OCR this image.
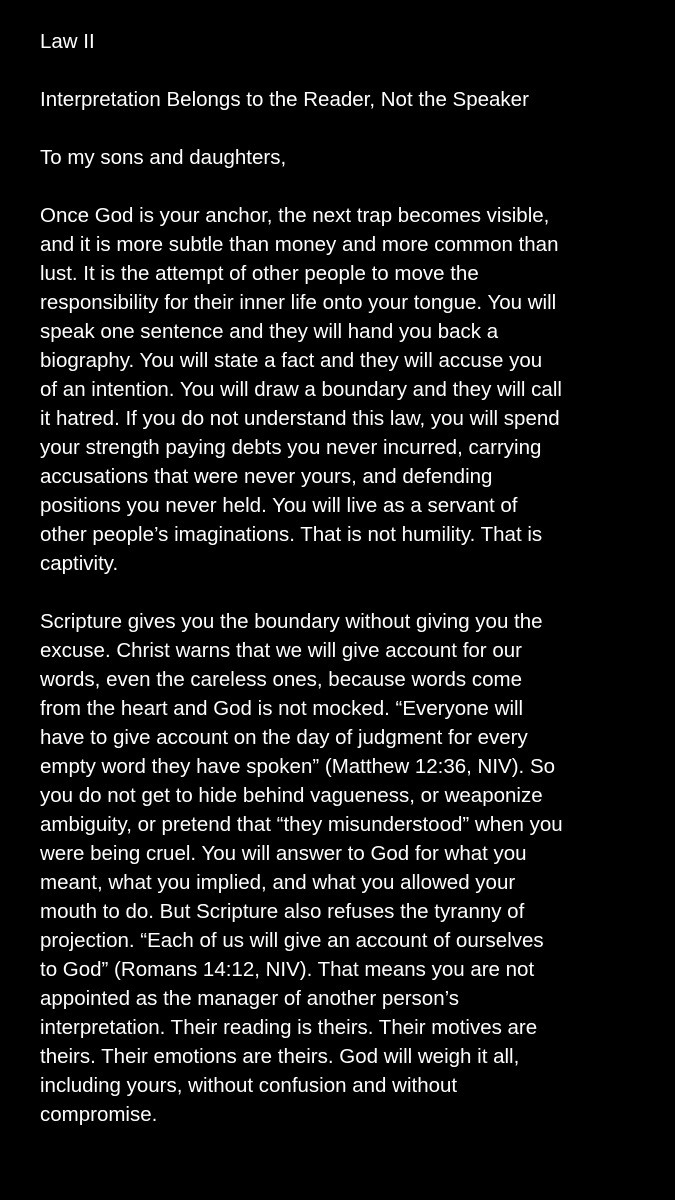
Law II

Interpretation Belongs to the Reader, Not the Speaker

To my sons and daughters,

Once God is your anchor, the next trap becomes visible,
and it is more subtle than money and more common than
lust. It is the attempt of other people to move the
responsibility for their inner life onto your tongue. You will
speak one sentence and they will hand you back a
biography. You will state a fact and they will accuse you
of an intention. You will draw a boundary and they will call
it hatred. If you do not understand this law, you will spend
your strength paying debts you never incurred, carrying
accusations that were never yours, and defending
positions you never held. You will live as a servant of
other people’s imaginations. That is not humility. That is
captivity.

Scripture gives you the boundary without giving you the
excuse. Christ warns that we will give account for our
words, even the careless ones, because words come
from the heart and God is not mocked. “Everyone will
have to give account on the day of judgment for every
empty word they have spoken” (Matthew 12:36, NIV). So
you do not get to hide behind vagueness, or weaponize
ambiguity, or pretend that “they misunderstood” when you
were being cruel. You will answer to God for what you
meant, what you implied, and what you allowed your
mouth to do. But Scripture also refuses the tyranny of
projection. “Each of us will give an account of ourselves
to God” (Romans 14:12, NIV). That means you are not
appointed as the manager of another person’s
interpretation. Their reading is theirs. Their motives are
theirs. Their emotions are theirs. God will weigh it all,
including yours, without confusion and without
compromise.
